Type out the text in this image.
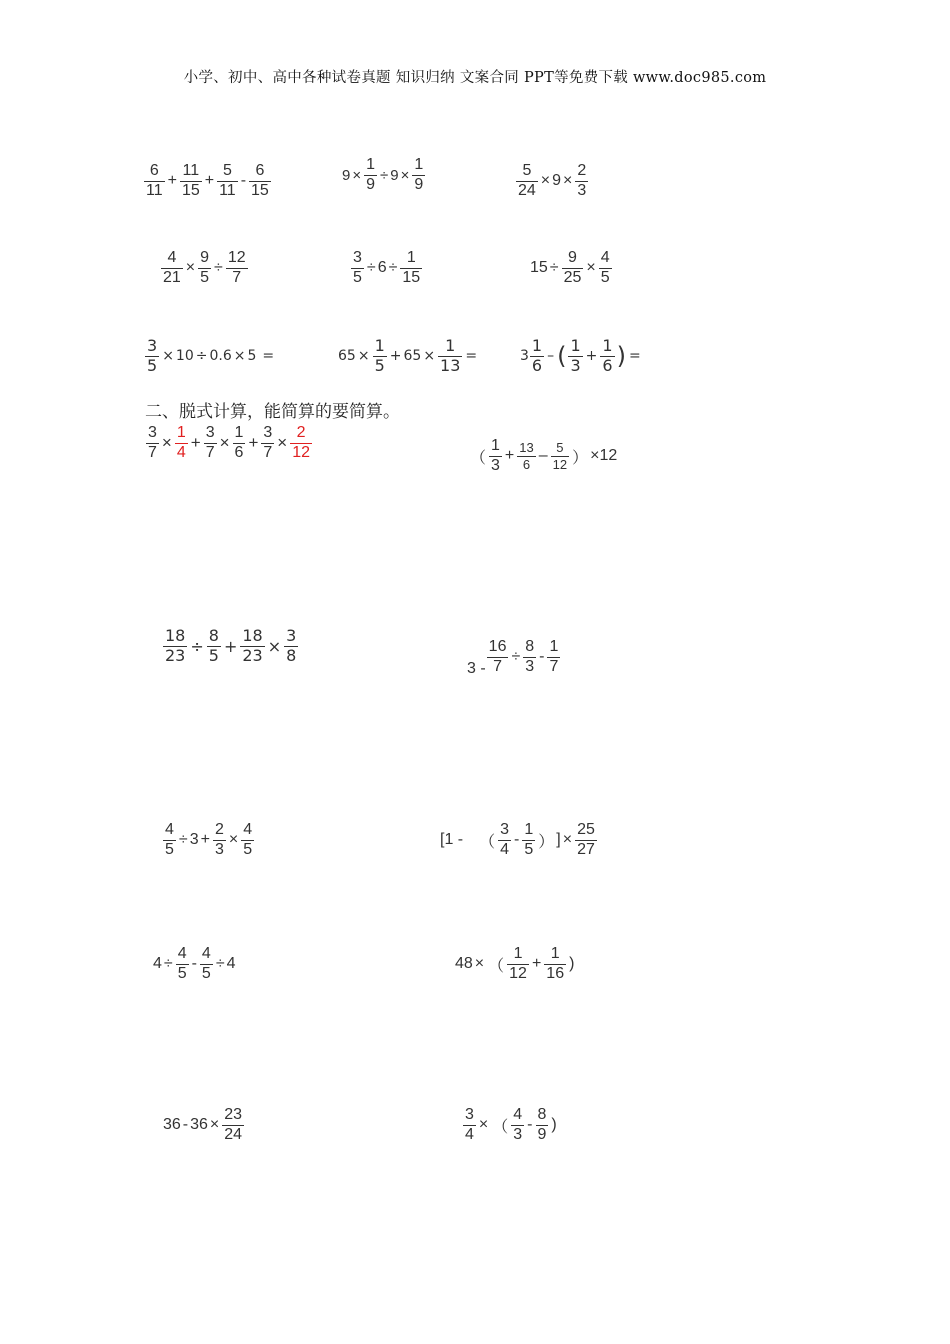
小学、初中、高中各种试卷真题 知识归纳 文案合同 PPT等免费下载 www.doc985.com
$\frac{6}{11} + \frac{11}{15} + \frac{5}{11} - \frac{6}{15}$	$9 \times \frac{1}{9} \div 9 \times \frac{1}{9}$	$\frac{5}{24} \times 9 \times \frac{2}{3}$
$\frac{4}{21} \times \frac{9}{5} \div \frac{12}{7}$	$\frac{3}{5} \div 6 \div \frac{1}{15}$	$15 \div \frac{9}{25} \times \frac{4}{5}$
$\frac{3}{5} \times 10 \div 0.6 \times 5$ =	$65 \times \frac{1}{5} + 65 \times \frac{1}{13}$ =	$3 \frac{1}{6}$ – ( $\frac{1}{3} + \frac{1}{6}$ ) =
二、脱式计算，能简算的要简算。
$\frac{3}{7} \times \frac{1}{4} + \frac{3}{7} \times \frac{1}{6} + \frac{3}{7} \times \frac{2}{12}$	（ $\frac{1}{3} + \frac{13}{6} - \frac{5}{12}$ ） × 12
$\frac{18}{23} \div \frac{8}{5} + \frac{18}{23} \times \frac{3}{8}$
$3 - \frac{16}{7} \div \frac{8}{3} - \frac{1}{7}$
$\frac{4}{5} \div 3 + \frac{2}{3} \times \frac{4}{5}$	[ 1 - （ $\frac{3}{4} - \frac{1}{5}$ ） ] × $\frac{25}{27}$
$4 \div \frac{4}{5} - \frac{4}{5} \div 4$	48 × （ $\frac{1}{12} + \frac{1}{16}$ )
$36 - 36 \times \frac{23}{24}$	$\frac{3}{4}$ × （ $\frac{4}{3} - \frac{8}{9}$ )
